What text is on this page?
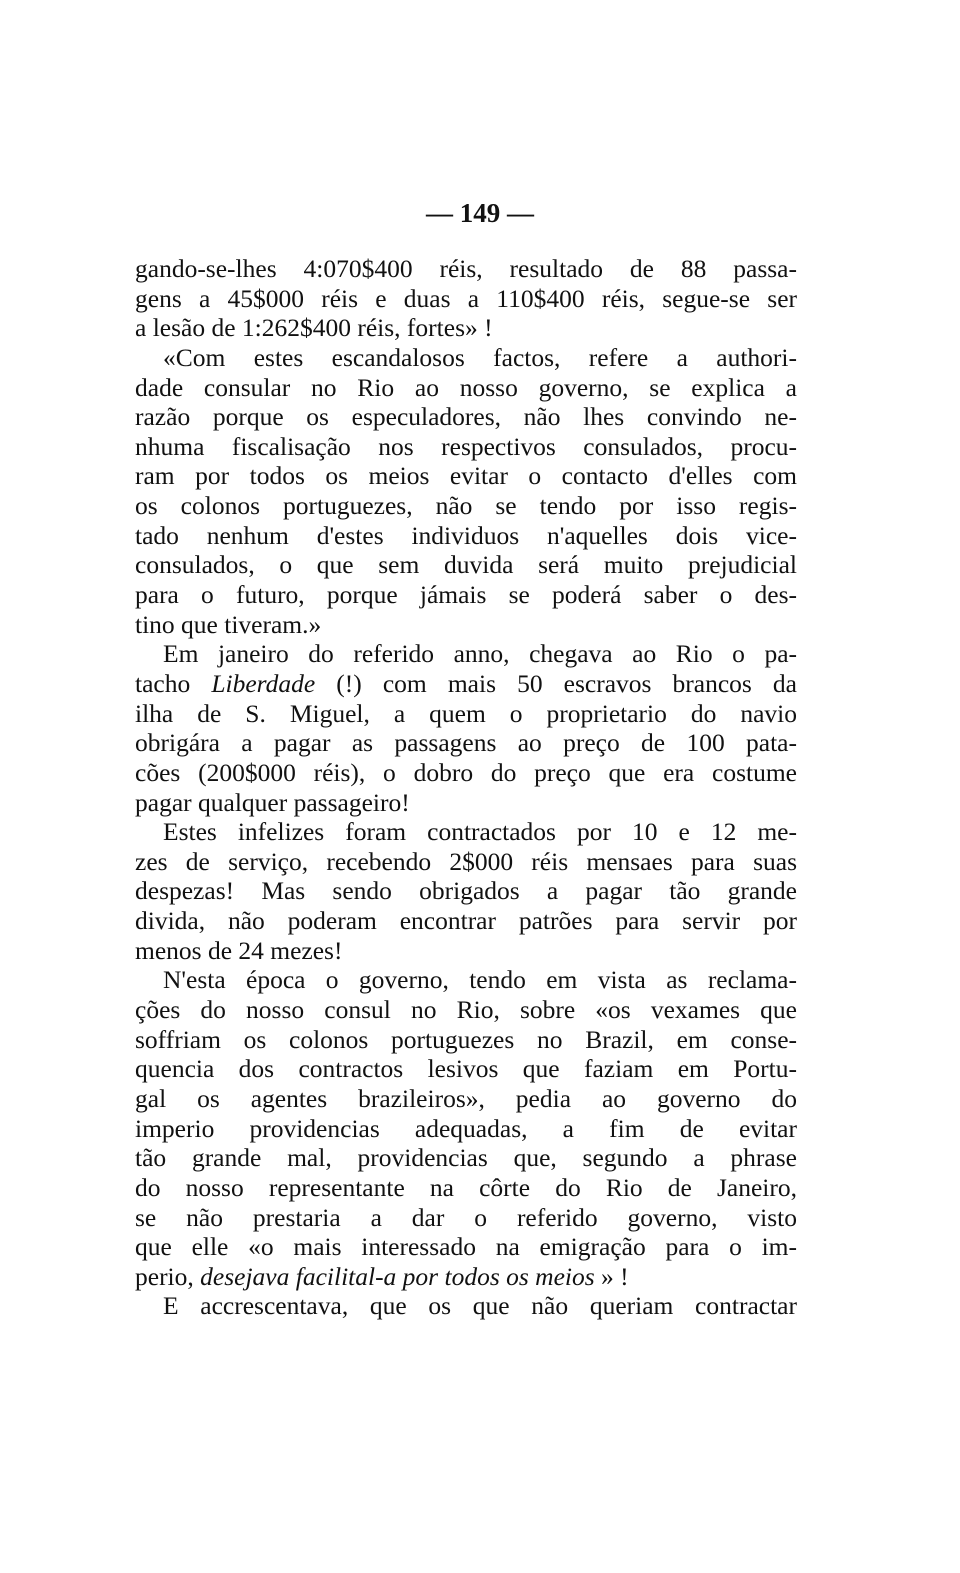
— 149 —
gando-se-lhes 4:070$400 réis, resultado de 88 passa-
gens a 45$000 réis e duas a 110$400 réis, segue-se ser
a lesão de 1:262$400 réis, fortes» !
«Com estes escandalosos factos, refere a authori-
dade consular no Rio ao nosso governo, se explica a
razão porque os especuladores, não lhes convindo ne-
nhuma fiscalisação nos respectivos consulados, procu-
ram por todos os meios evitar o contacto d'elles com
os colonos portuguezes, não se tendo por isso regis-
tado nenhum d'estes individuos n'aquelles dois vice-
consulados, o que sem duvida será muito prejudicial
para o futuro, porque jámais se poderá saber o des-
tino que tiveram.»
Em janeiro do referido anno, chegava ao Rio o pa-
tacho Liberdade (!) com mais 50 escravos brancos da
ilha de S. Miguel, a quem o proprietario do navio
obrigára a pagar as passagens ao preço de 100 pata-
cões (200$000 réis), o dobro do preço que era costume
pagar qualquer passageiro!
Estes infelizes foram contractados por 10 e 12 me-
zes de serviço, recebendo 2$000 réis mensaes para suas
despezas! Mas sendo obrigados a pagar tão grande
divida, não poderam encontrar patrões para servir por
menos de 24 mezes!
N'esta época o governo, tendo em vista as reclama-
ções do nosso consul no Rio, sobre «os vexames que
soffriam os colonos portuguezes no Brazil, em conse-
quencia dos contractos lesivos que faziam em Portu-
gal os agentes brazileiros», pedia ao governo do
imperio providencias adequadas, a fim de evitar
tão grande mal, providencias que, segundo a phrase
do nosso representante na côrte do Rio de Janeiro,
se não prestaria a dar o referido governo, visto
que elle «o mais interessado na emigração para o im-
perio, desejava facilital-a por todos os meios » !
E accrescentava, que os que não queriam contractar
